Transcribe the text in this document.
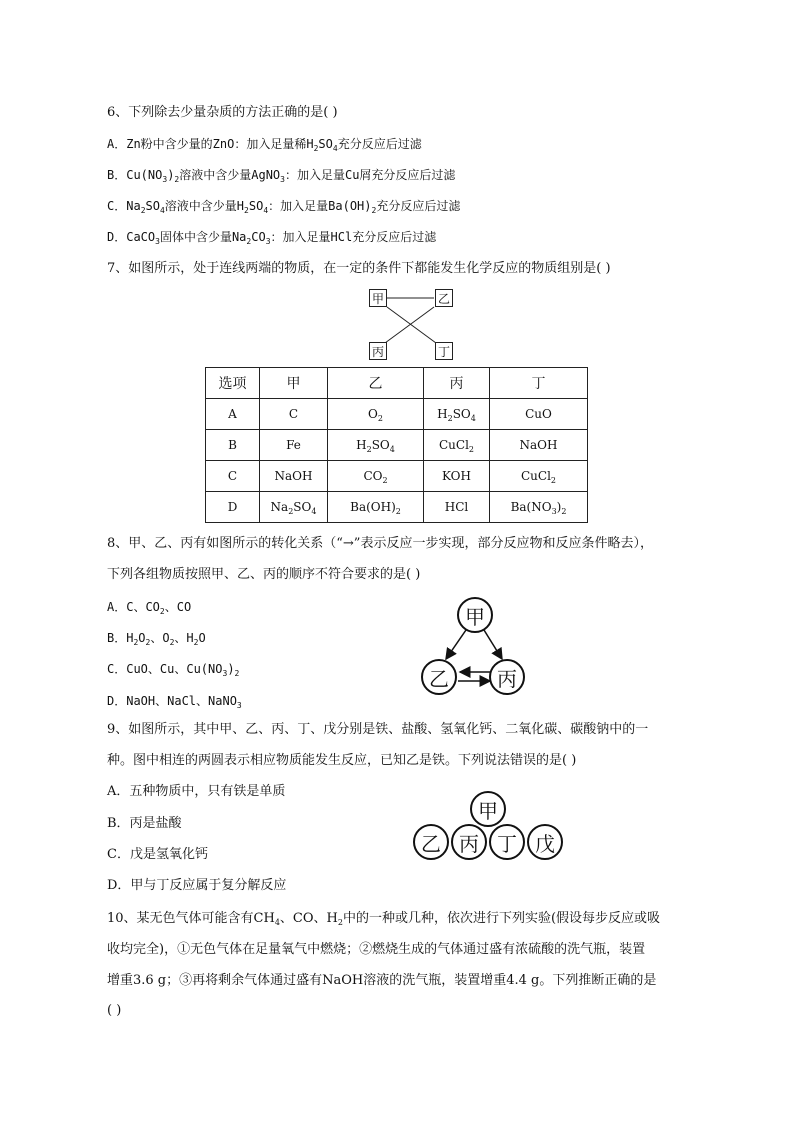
6、下列除去少量杂质的方法正确的是( )
A．Zn粉中含少量的ZnO：加入足量稀$H_2SO_4$充分反应后过滤
B．$Cu(NO_3)_2$溶液中含少量AgNO$_3$：加入足量Cu屑充分反应后过滤
C．$Na_2SO_4$溶液中含少量$H_2SO_4$：加入足量$Ba(OH)_2$充分反应后过滤
D．CaCO$_3$固体中含少量$Na_2CO_3$：加入足量HCl充分反应后过滤
7、如图所示，处于连线两端的物质，在一定的条件下都能发生化学反应的物质组别是( )
甲	乙
丙	丁
选项	甲	乙	丙	丁
A	C	$O_2$	$H_2SO_4$	CuO
B	Fe	$H_2SO_4$	CuCl$_2$	NaOH
C	NaOH	$CO_2$	KOH	CuCl$_2$
D	$Na_2SO_4$	$Ba(OH)_2$	HCl	$Ba(NO_3)_2$
8、甲、乙、丙有如图所示的转化关系（“→”表示反应一步实现，部分反应物和反应条件略去），
下列各组物质按照甲、乙、丙的顺序不符合要求的是( )
A．C、$CO_2$、CO
B．$H_2O_2$、$O_2$、$H_2O$
C．CuO、Cu、$Cu(NO_3)_2$
D．NaOH、NaCl、NaNO$_3$
甲
乙	丙
9、如图所示，其中甲、乙、丙、丁、戊分别是铁、盐酸、氢氧化钙、二氧化碳、碳酸钠中的一
种。图中相连的两圆表示相应物质能发生反应，已知乙是铁。下列说法错误的是( )
A．五种物质中，只有铁是单质
B．丙是盐酸
C．戊是氢氧化钙
D．甲与丁反应属于复分解反应
甲
乙 丙 丁 戊
10、某无色气体可能含有$CH_4$、CO、$H_2$中的一种或几种，依次进行下列实验(假设每步反应或吸
收均完全)，①无色气体在足量氧气中燃烧；②燃烧生成的气体通过盛有浓硫酸的洗气瓶，装置
增重3.6 g；③再将剩余气体通过盛有NaOH溶液的洗气瓶，装置增重4.4 g。下列推断正确的是
( )
